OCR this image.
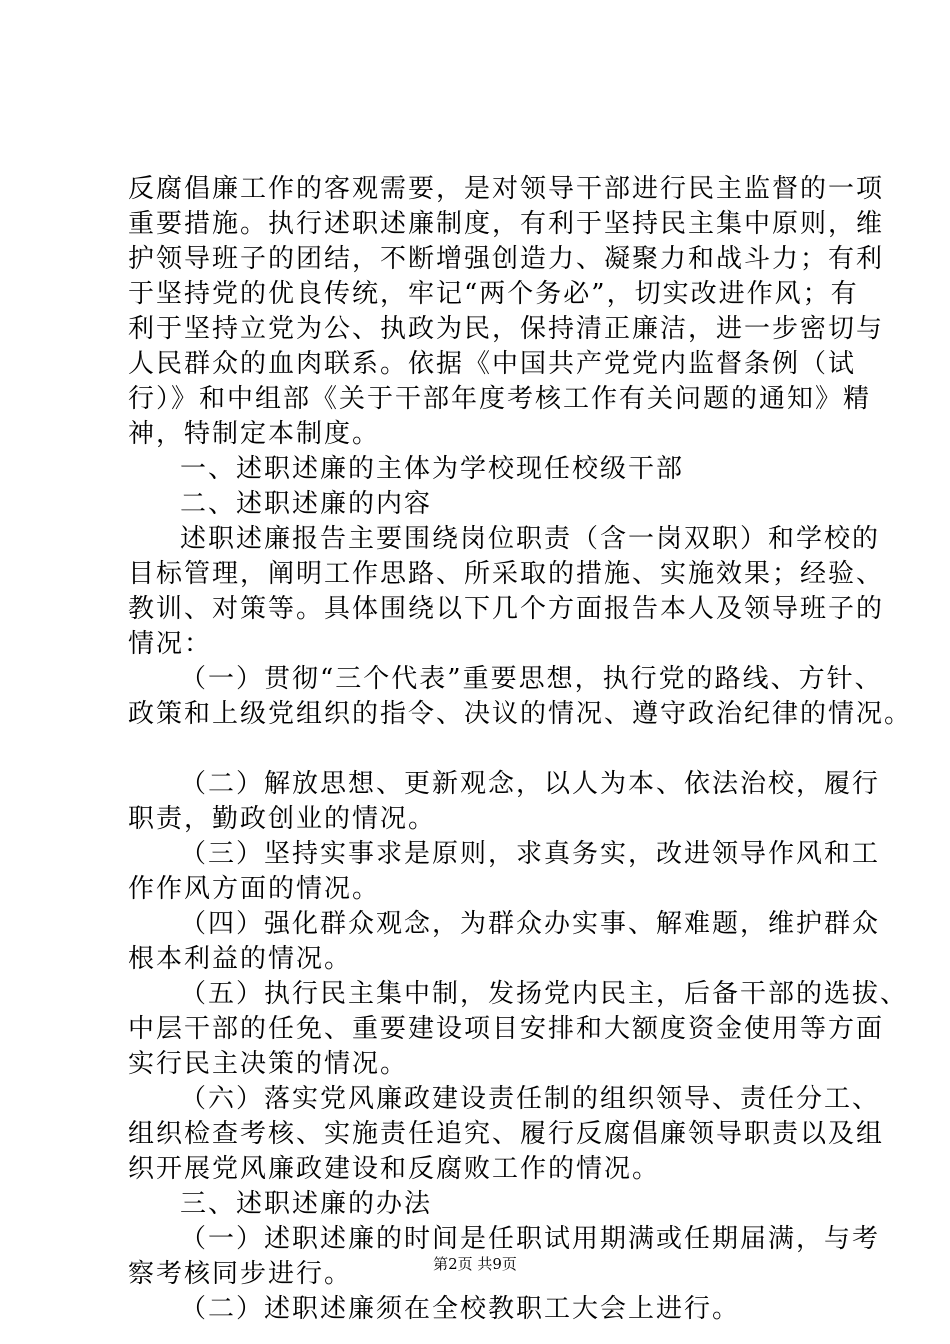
反腐倡廉工作的客观需要，是对领导干部进行民主监督的一项
重要措施。执行述职述廉制度，有利于坚持民主集中原则，维
护领导班子的团结，不断增强创造力、凝聚力和战斗力；有利
于坚持党的优良传统，牢记“两个务必”，切实改进作风；有
利于坚持立党为公、执政为民，保持清正廉洁，进一步密切与
人民群众的血肉联系。依据《中国共产党党内监督条例（试
行）》和中组部《关于干部年度考核工作有关问题的通知》精
神，特制定本制度。
一、述职述廉的主体为学校现任校级干部
二、述职述廉的内容
述职述廉报告主要围绕岗位职责（含一岗双职）和学校的
目标管理，阐明工作思路、所采取的措施、实施效果；经验、
教训、对策等。具体围绕以下几个方面报告本人及领导班子的
情况：
（一）贯彻“三个代表”重要思想，执行党的路线、方针、
政策和上级党组织的指令、决议的情况、遵守政治纪律的情况。
（二）解放思想、更新观念，以人为本、依法治校，履行
职责，勤政创业的情况。
（三）坚持实事求是原则，求真务实，改进领导作风和工
作作风方面的情况。
（四）强化群众观念，为群众办实事、解难题，维护群众
根本利益的情况。
（五）执行民主集中制，发扬党内民主，后备干部的选拔、
中层干部的任免、重要建设项目安排和大额度资金使用等方面
实行民主决策的情况。
（六）落实党风廉政建设责任制的组织领导、责任分工、
组织检查考核、实施责任追究、履行反腐倡廉领导职责以及组
织开展党风廉政建设和反腐败工作的情况。
三、述职述廉的办法
（一）述职述廉的时间是任职试用期满或任期届满，与考
察考核同步进行。
（二）述职述廉须在全校教职工大会上进行。
第2页 共9页
